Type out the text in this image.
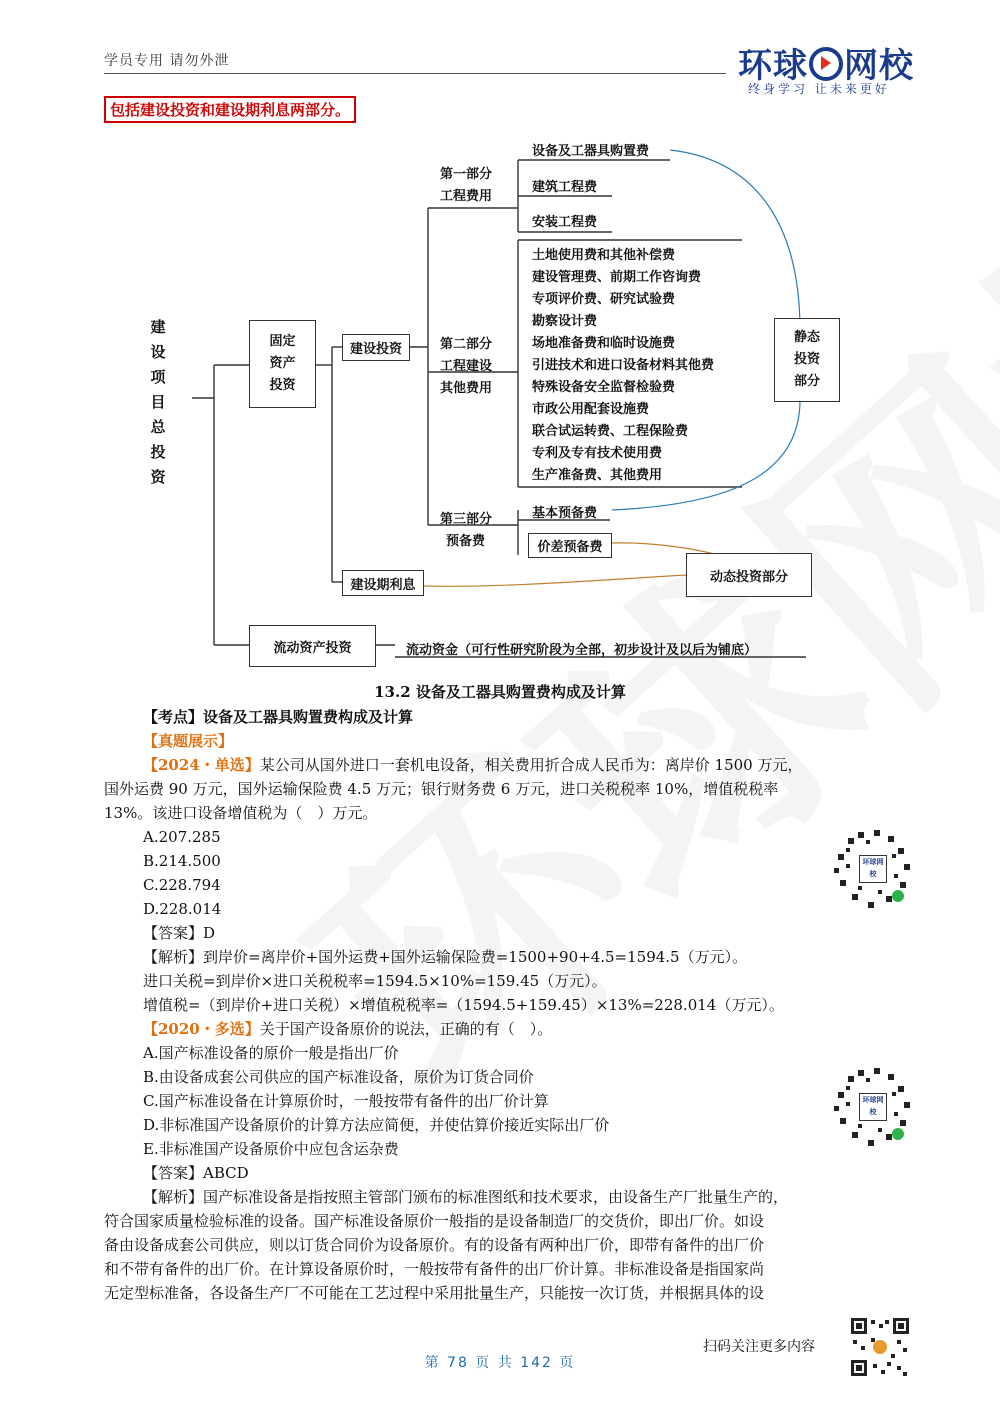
学员专用 请勿外泄	环球 网校
终身学习 让未来更好
包括建设投资和建设期利息两部分。
建
设
项
目
总
投
资
固定
资产
投资
建设投资
第一部分
工程费用
设备及工器具购置费
建筑工程费
安装工程费
第二部分
工程建设
其他费用
土地使用费和其他补偿费
建设管理费、前期工作咨询费
专项评价费、研究试验费
勘察设计费
场地准备费和临时设施费
引进技术和进口设备材料其他费
特殊设备安全监督检验费
市政公用配套设施费
联合试运转费、工程保险费
专利及专有技术使用费
生产准备费、其他费用
第三部分
预备费
基本预备费
价差预备费
静态
投资
部分
建设期利息
动态投资部分
流动资产投资	流动资金（可行性研究阶段为全部，初步设计及以后为铺底）
13.2 设备及工器具购置费构成及计算
【考点】设备及工器具购置费构成及计算
【真题展示】
【2024・单选】某公司从国外进口一套机电设备，相关费用折合成人民币为：离岸价 1500 万元，
国外运费 90 万元，国外运输保险费 4.5 万元；银行财务费 6 万元，进口关税税率 10%，增值税税率
13%。该进口设备增值税为（　）万元。
A.207.285
B.214.500
C.228.794
D.228.014
【答案】D
【解析】到岸价=离岸价+国外运费+国外运输保险费=1500+90+4.5=1594.5（万元）。
进口关税=到岸价×进口关税税率=1594.5×10%=159.45（万元）。
增值税=（到岸价+进口关税）×增值税税率=（1594.5+159.45）×13%=228.014（万元）。
【2020・多选】关于国产设备原价的说法，正确的有（　）。
A.国产标准设备的原价一般是指出厂价
B.由设备成套公司供应的国产标准设备，原价为订货合同价
C.国产标准设备在计算原价时，一般按带有备件的出厂价计算
D.非标准国产设备原价的计算方法应简便，并使估算价接近实际出厂价
E.非标准国产设备原价中应包含运杂费
【答案】ABCD
【解析】国产标准设备是指按照主管部门颁布的标准图纸和技术要求，由设备生产厂批量生产的，
符合国家质量检验标准的设备。国产标准设备原价一般指的是设备制造厂的交货价，即出厂价。如设
备由设备成套公司供应，则以订货合同价为设备原价。有的设备有两种出厂价，即带有备件的出厂价
和不带有备件的出厂价。在计算设备原价时，一般按带有备件的出厂价计算。非标准设备是指国家尚
无定型标准备，各设备生产厂不可能在工艺过程中采用批量生产，只能按一次订货，并根据具体的设
环球网校
环球网校
扫码关注更多内容
第 78 页 共 142 页
